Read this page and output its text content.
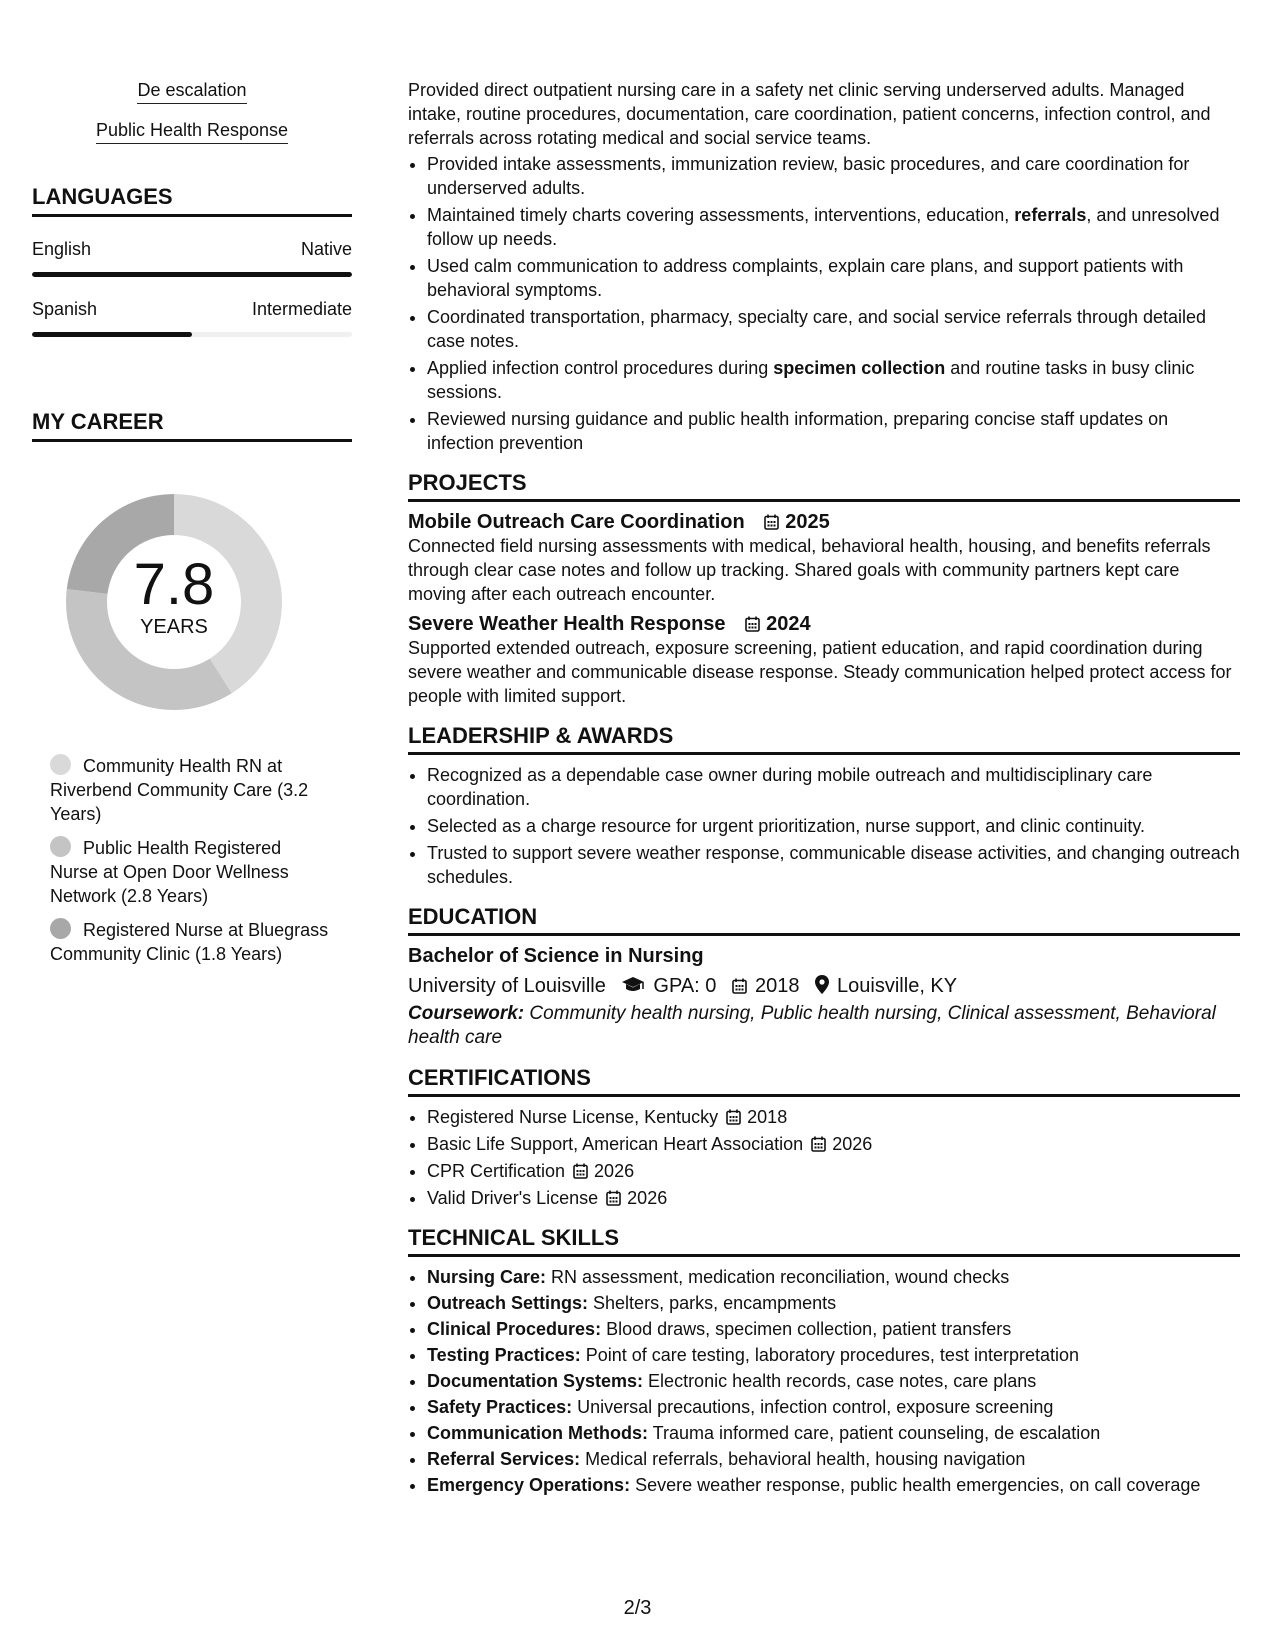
De escalation
Public Health Response
LANGUAGES
English	Native
Spanish	Intermediate
MY CAREER
7.8
YEARS
Community Health RN at Riverbend Community Care (3.2 Years)
Public Health Registered Nurse at Open Door Wellness Network (2.8 Years)
Registered Nurse at Bluegrass Community Clinic (1.8 Years)

Provided direct outpatient nursing care in a safety net clinic serving underserved adults. Managed intake, routine procedures, documentation, care coordination, patient concerns, infection control, and referrals across rotating medical and social service teams.

• Provided intake assessments, immunization review, basic procedures, and care coordination for underserved adults.
• Maintained timely charts covering assessments, interventions, education, referrals, and unresolved follow up needs.
• Used calm communication to address complaints, explain care plans, and support patients with behavioral symptoms.
• Coordinated transportation, pharmacy, specialty care, and social service referrals through detailed case notes.
• Applied infection control procedures during specimen collection and routine tasks in busy clinic sessions.
• Reviewed nursing guidance and public health information, preparing concise staff updates on infection prevention
PROJECTS
Mobile Outreach Care Coordination 2025

Connected field nursing assessments with medical, behavioral health, housing, and benefits referrals through clear case notes and follow up tracking. Shared goals with community partners kept care moving after each outreach encounter.

Severe Weather Health Response 2024

Supported extended outreach, exposure screening, patient education, and rapid coordination during severe weather and communicable disease response. Steady communication helped protect access for people with limited support.

LEADERSHIP & AWARDS
• Recognized as a dependable case owner during mobile outreach and multidisciplinary care coordination.
• Selected as a charge resource for urgent prioritization, nurse support, and clinic continuity.
• Trusted to support severe weather response, communicable disease activities, and changing outreach schedules.
EDUCATION
Bachelor of Science in Nursing
University of Louisville GPA: 0 2018 Louisville, KY
Coursework: Community health nursing, Public health nursing, Clinical assessment, Behavioral health care
CERTIFICATIONS
• Registered Nurse License, Kentucky 2018
• Basic Life Support, American Heart Association 2026
• CPR Certification 2026
• Valid Driver's License 2026
TECHNICAL SKILLS
• Nursing Care: RN assessment, medication reconciliation, wound checks
• Outreach Settings: Shelters, parks, encampments
• Clinical Procedures: Blood draws, specimen collection, patient transfers
• Testing Practices: Point of care testing, laboratory procedures, test interpretation
• Documentation Systems: Electronic health records, case notes, care plans
• Safety Practices: Universal precautions, infection control, exposure screening
• Communication Methods: Trauma informed care, patient counseling, de escalation
• Referral Services: Medical referrals, behavioral health, housing navigation
• Emergency Operations: Severe weather response, public health emergencies, on call coverage
2/3
